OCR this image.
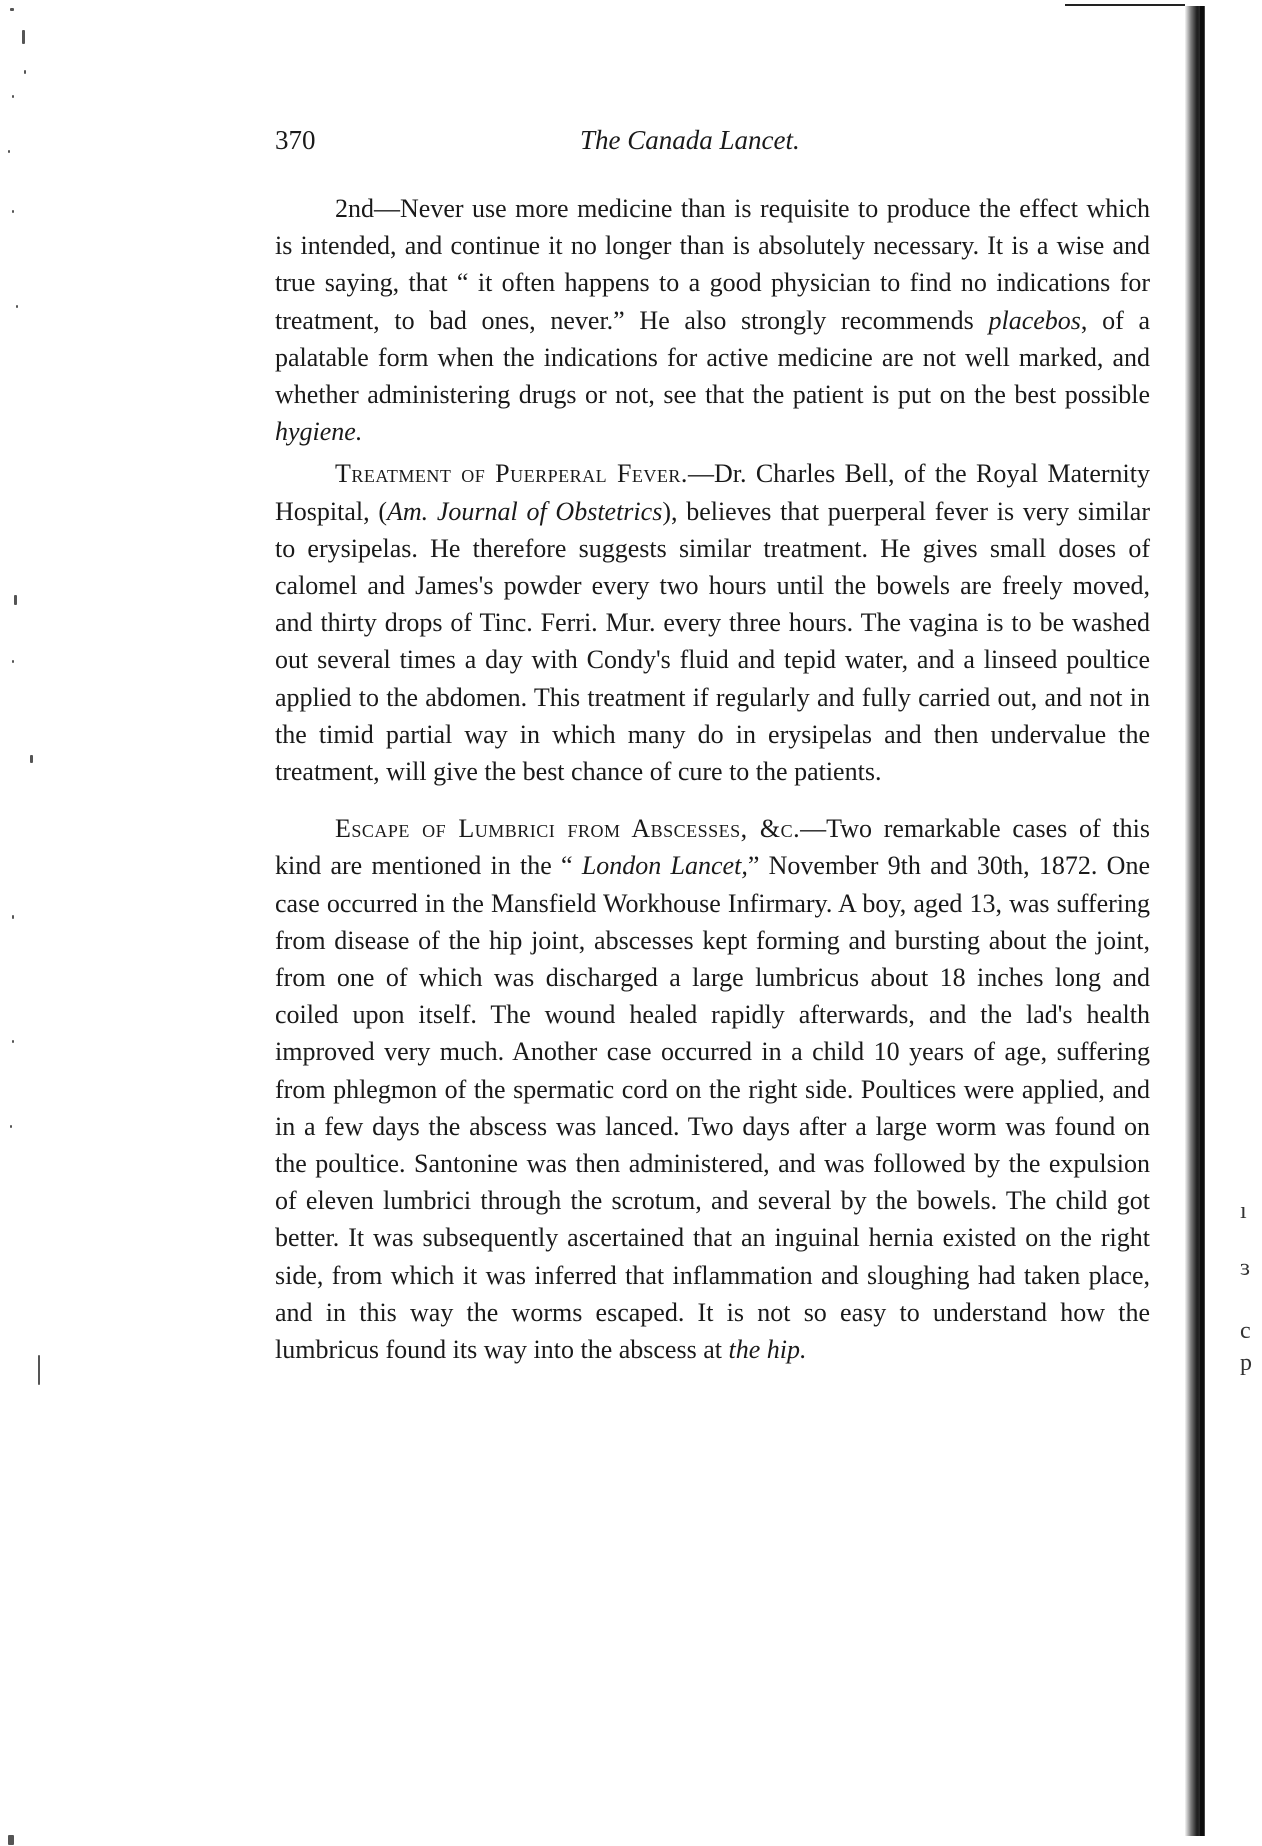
ı
ɜ
c
p
370	The Canada Lancet.

2nd—Never use more medicine than is requisite to produce the effect which is intended, and continue it no longer than is absolutely necessary. It is a wise and true saying, that “ it often happens to a good physician to find no indications for treatment, to bad ones, never.” He also strongly recommends placebos, of a palatable form when the indications for active medicine are not well marked, and whether administering drugs or not, see that the patient is put on the best possible hygiene.

Treatment of Puerperal Fever.—Dr. Charles Bell, of the Royal Maternity Hospital, (Am. Journal of Obstetrics), believes that puerperal fever is very similar to erysipelas. He therefore suggests similar treatment. He gives small doses of calomel and James's powder every two hours until the bowels are freely moved, and thirty drops of Tinc. Ferri. Mur. every three hours. The vagina is to be washed out several times a day with Condy's fluid and tepid water, and a linseed poultice applied to the abdomen. This treatment if regularly and fully carried out, and not in the timid partial way in which many do in erysipelas and then undervalue the treatment, will give the best chance of cure to the patients.

Escape of Lumbrici from Abscesses, &c.—Two remarkable cases of this kind are mentioned in the “ London Lancet,” November 9th and 30th, 1872. One case occurred in the Mansfield Workhouse Infirmary. A boy, aged 13, was suffering from disease of the hip joint, abscesses kept forming and bursting about the joint, from one of which was discharged a large lumbricus about 18 inches long and coiled upon itself. The wound healed rapidly afterwards, and the lad's health improved very much. Another case occurred in a child 10 years of age, suffering from phlegmon of the spermatic cord on the right side. Poultices were applied, and in a few days the abscess was lanced. Two days after a large worm was found on the poultice. Santonine was then administered, and was followed by the expulsion of eleven lumbrici through the scrotum, and several by the bowels. The child got better. It was subsequently ascertained that an inguinal hernia existed on the right side, from which it was inferred that inflammation and sloughing had taken place, and in this way the worms escaped. It is not so easy to understand how the lumbricus found its way into the abscess at the hip.
